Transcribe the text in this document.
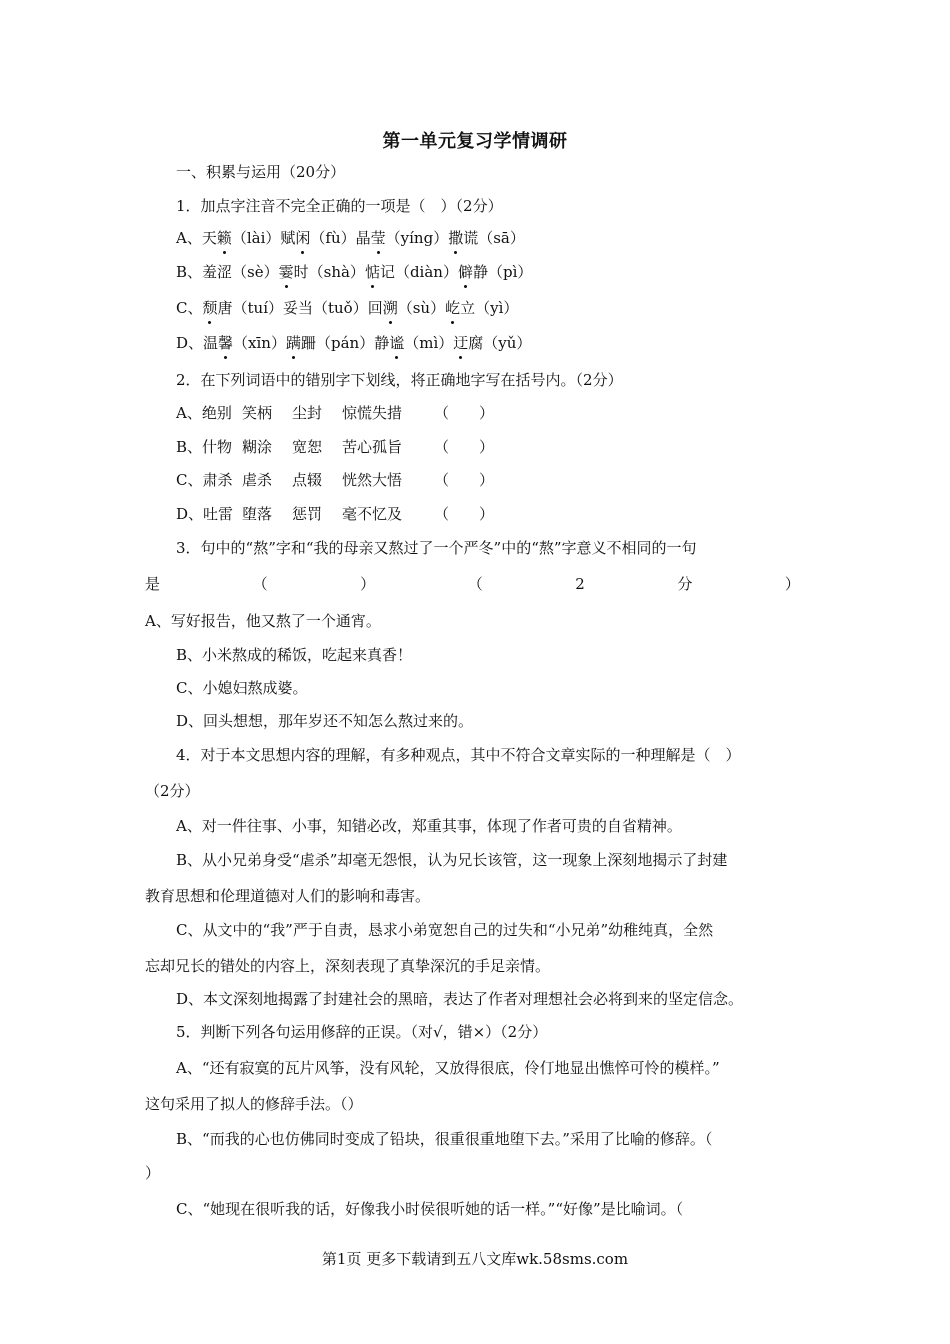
第一单元复习学情调研
一、积累与运用（20分）
1．加点字注音不完全正确的一项是（　）（2分）
A、天籁（lài）赋闲（fù）晶莹（yíng）撒谎（sā）
B、羞涩（sè）霎时（shà）惦记（diàn）僻静（pì）
C、颓唐（tuí）妥当（tuǒ）回溯（sù）屹立（yì）
D、温馨（xīn）蹒跚（pán）静谧（mì）迂腐（yǔ）
2．在下列词语中的错别字下划线，将正确地字写在括号内。（2分）
A、绝别 笑柄 尘封 惊慌失措 （　　）
B、什物 糊涂 宽恕 苦心孤旨 （　　）
C、肃杀 虐杀 点辍 恍然大悟 （　　）
D、吐雷 堕落 惩罚 毫不忆及 （　　）
3．句中的“熬”字和“我的母亲又熬过了一个严冬”中的“熬”字意义不相同的一句
是	（	）	（	2	分	）
A、写好报告，他又熬了一个通宵。
B、小米熬成的稀饭，吃起来真香！
C、小媳妇熬成婆。
D、回头想想，那年岁还不知怎么熬过来的。
4．对于本文思想内容的理解，有多种观点，其中不符合文章实际的一种理解是（　）
（2分）
A、对一件往事、小事，知错必改，郑重其事，体现了作者可贵的自省精神。
B、从小兄弟身受“虐杀”却毫无怨恨，认为兄长该管，这一现象上深刻地揭示了封建
教育思想和伦理道德对人们的影响和毒害。
C、从文中的“我”严于自责，恳求小弟宽恕自己的过失和“小兄弟”幼稚纯真，全然
忘却兄长的错处的内容上，深刻表现了真挚深沉的手足亲情。
D、本文深刻地揭露了封建社会的黑暗，表达了作者对理想社会必将到来的坚定信念。
5．判断下列各句运用修辞的正误。（对√，错×）（2分）
A、“还有寂寞的瓦片风筝，没有风轮，又放得很底，伶仃地显出憔悴可怜的模样。”
这句采用了拟人的修辞手法。（）
B、“而我的心也仿佛同时变成了铅块，很重很重地堕下去。”采用了比喻的修辞。（
）
C、“她现在很听我的话，好像我小时侯很听她的话一样。”“好像”是比喻词。（
第1页 更多下载请到五八文库wk.58sms.com
